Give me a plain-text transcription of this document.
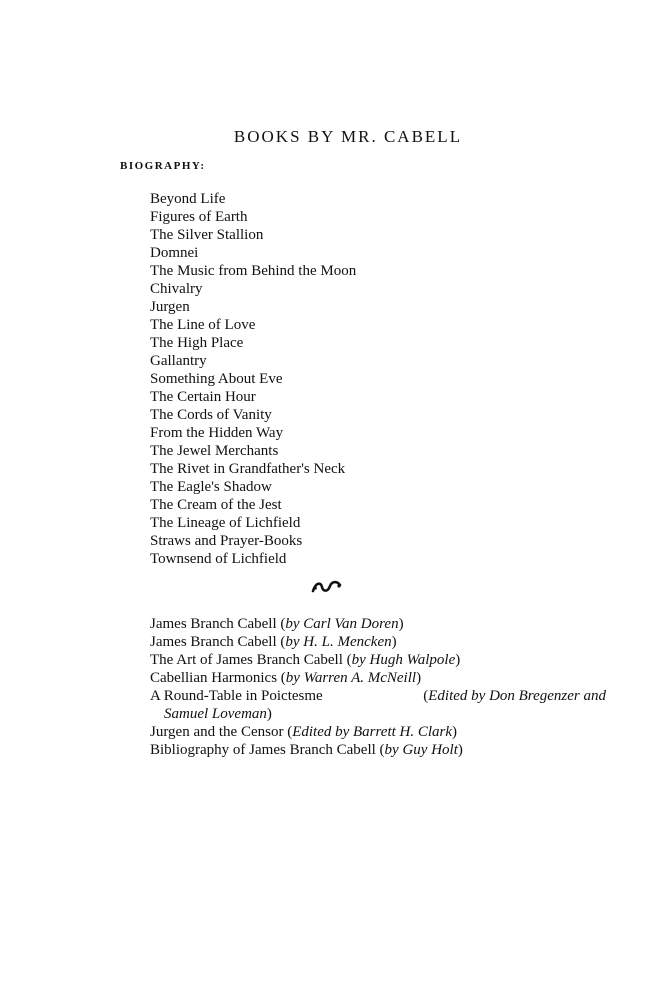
BOOKS BY MR. CABELL
BIOGRAPHY:
Beyond Life
Figures of Earth
The Silver Stallion
Domnei
The Music from Behind the Moon
Chivalry
Jurgen
The Line of Love
The High Place
Gallantry
Something About Eve
The Certain Hour
The Cords of Vanity
From the Hidden Way
The Jewel Merchants
The Rivet in Grandfather's Neck
The Eagle's Shadow
The Cream of the Jest
The Lineage of Lichfield
Straws and Prayer-Books
Townsend of Lichfield
James Branch Cabell (by Carl Van Doren)
James Branch Cabell (by H. L. Mencken)
The Art of James Branch Cabell (by Hugh Walpole)
Cabellian Harmonics (by Warren A. McNeill)
A Round-Table in Poictesme	(Edited by Don Bregenzer and
Samuel Loveman)
Jurgen and the Censor (Edited by Barrett H. Clark)
Bibliography of James Branch Cabell (by Guy Holt)
